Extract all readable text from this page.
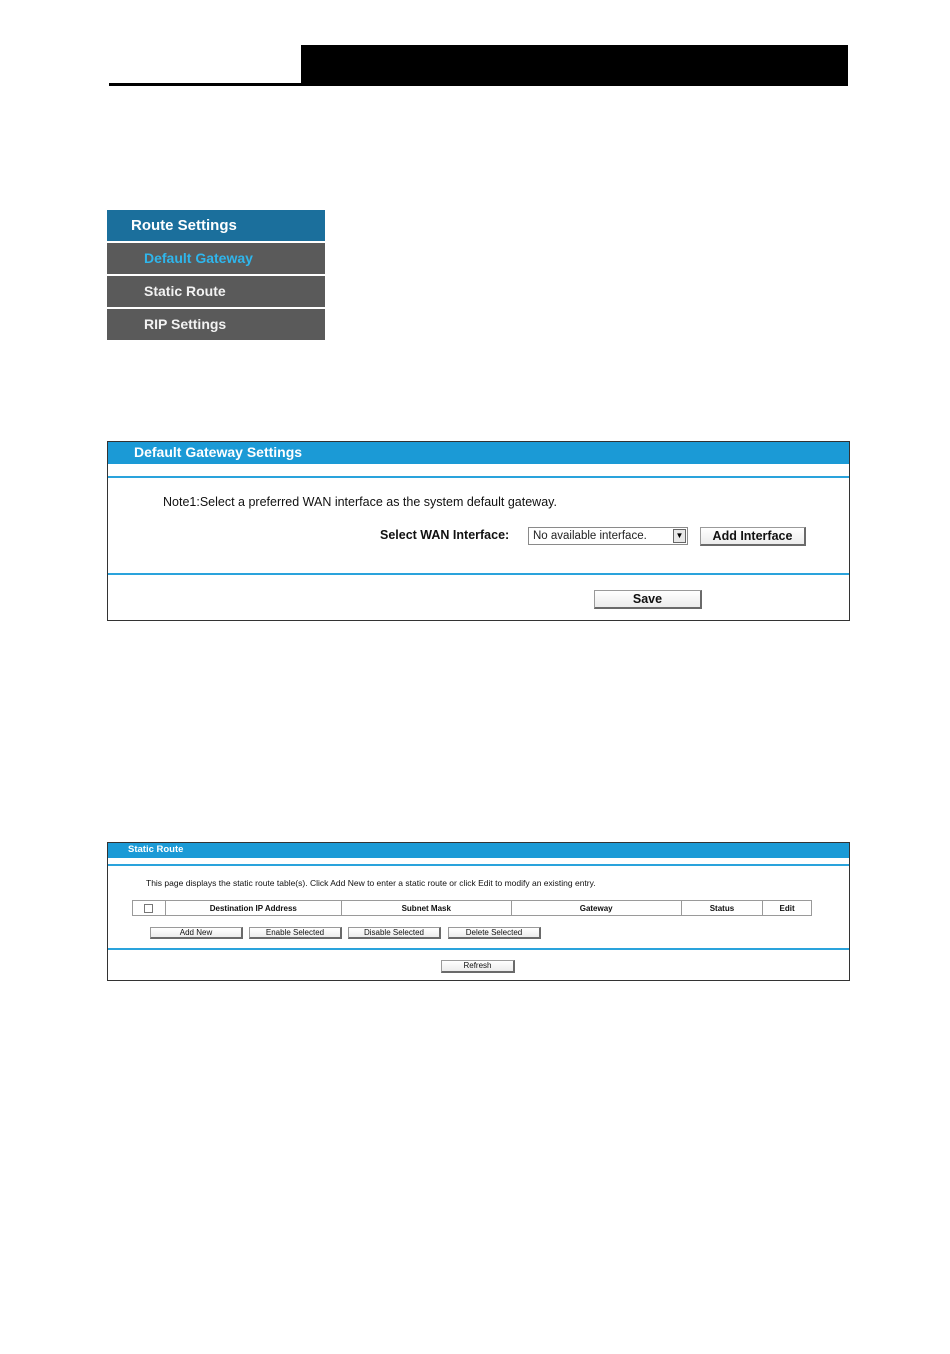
Route Settings
Default Gateway
Static Route
RIP Settings
Default Gateway Settings
Note1:Select a preferred WAN interface as the system default gateway.
Select WAN Interface:	No available interface.	▼	Add Interface
Save
Static Route
This page displays the static route table(s). Click Add New to enter a static route or click Edit to modify an existing entry.
	Destination IP Address	Subnet Mask	Gateway	Status	Edit
Add New	Enable Selected	Disable Selected	Delete Selected
Refresh
